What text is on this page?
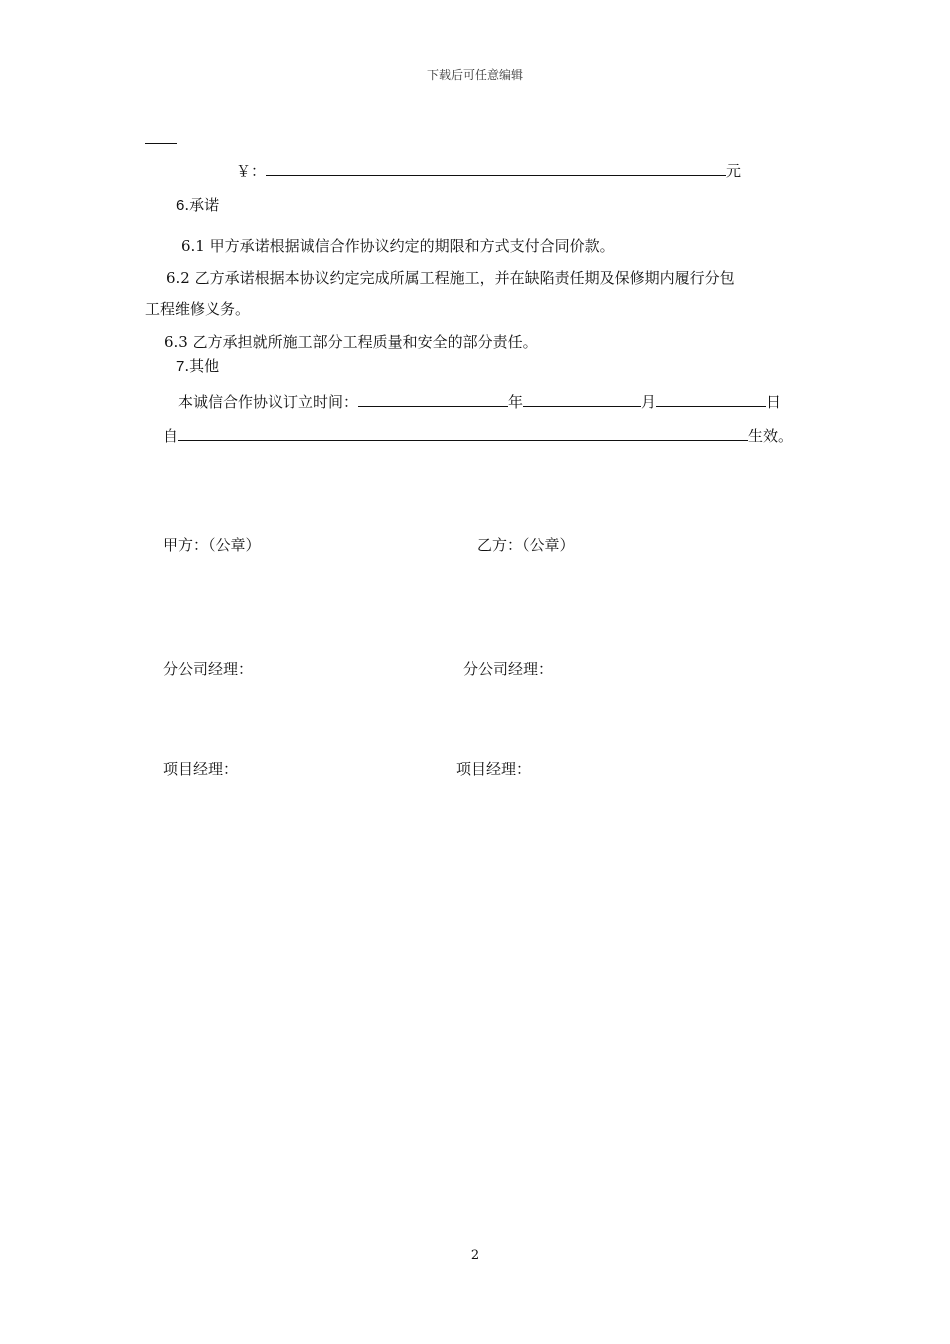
下载后可任意编辑
￥：	元
6.承诺
6.1 甲方承诺根据诚信合作协议约定的期限和方式支付合同价款。
6.2 乙方承诺根据本协议约定完成所属工程施工，并在缺陷责任期及保修期内履行分包
工程维修义务。
6.3 乙方承担就所施工部分工程质量和安全的部分责任。
7.其他
本诚信合作协议订立时间：	年	月	日
自	生效。
甲方：（公章）	乙方：（公章）
分公司经理：	分公司经理：
项目经理：	项目经理：
2
